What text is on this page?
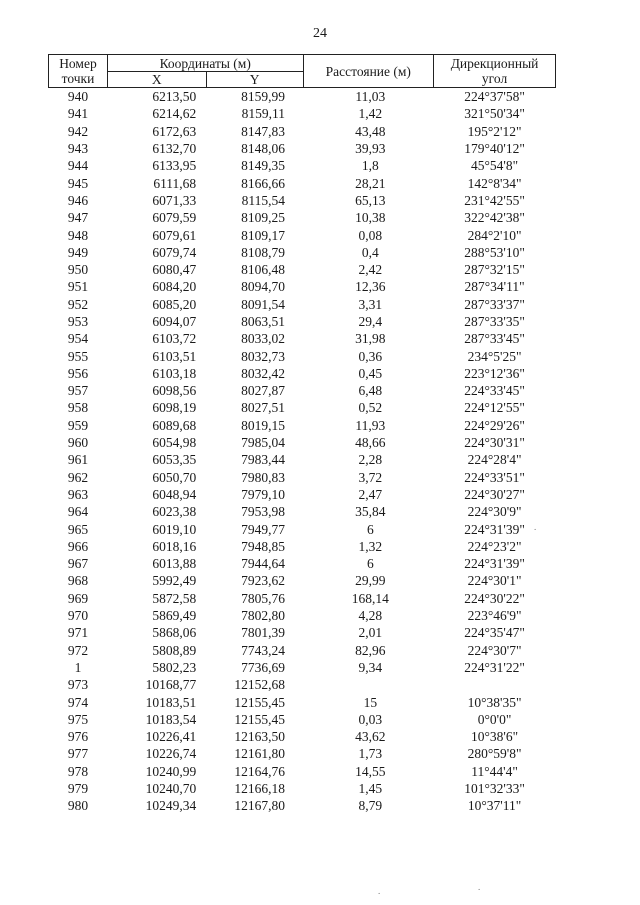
24
Номер точки	Координаты (м)		Расстояние (м)	Дирекционный угол
	X	Y		
940	6213,50	8159,99	11,03	224°37'58"
941	6214,62	8159,11	1,42	321°50'34"
942	6172,63	8147,83	43,48	195°2'12"
943	6132,70	8148,06	39,93	179°40'12"
944	6133,95	8149,35	1,8	45°54'8"
945	6111,68	8166,66	28,21	142°8'34"
946	6071,33	8115,54	65,13	231°42'55"
947	6079,59	8109,25	10,38	322°42'38"
948	6079,61	8109,17	0,08	284°2'10"
949	6079,74	8108,79	0,4	288°53'10"
950	6080,47	8106,48	2,42	287°32'15"
951	6084,20	8094,70	12,36	287°34'11"
952	6085,20	8091,54	3,31	287°33'37"
953	6094,07	8063,51	29,4	287°33'35"
954	6103,72	8033,02	31,98	287°33'45"
955	6103,51	8032,73	0,36	234°5'25"
956	6103,18	8032,42	0,45	223°12'36"
957	6098,56	8027,87	6,48	224°33'45"
958	6098,19	8027,51	0,52	224°12'55"
959	6089,68	8019,15	11,93	224°29'26"
960	6054,98	7985,04	48,66	224°30'31"
961	6053,35	7983,44	2,28	224°28'4"
962	6050,70	7980,83	3,72	224°33'51"
963	6048,94	7979,10	2,47	224°30'27"
964	6023,38	7953,98	35,84	224°30'9"
965	6019,10	7949,77	6	224°31'39"
966	6018,16	7948,85	1,32	224°23'2"
967	6013,88	7944,64	6	224°31'39"
968	5992,49	7923,62	29,99	224°30'1"
969	5872,58	7805,76	168,14	224°30'22"
970	5869,49	7802,80	4,28	223°46'9"
971	5868,06	7801,39	2,01	224°35'47"
972	5808,89	7743,24	82,96	224°30'7"
1	5802,23	7736,69	9,34	224°31'22"
973	10168,77	12152,68		
974	10183,51	12155,45	15	10°38'35"
975	10183,54	12155,45	0,03	0°0'0"
976	10226,41	12163,50	43,62	10°38'6"
977	10226,74	12161,80	1,73	280°59'8"
978	10240,99	12164,76	14,55	11°44'4"
979	10240,70	12166,18	1,45	101°32'33"
980	10249,34	12167,80	8,79	10°37'11"
.
.	.
